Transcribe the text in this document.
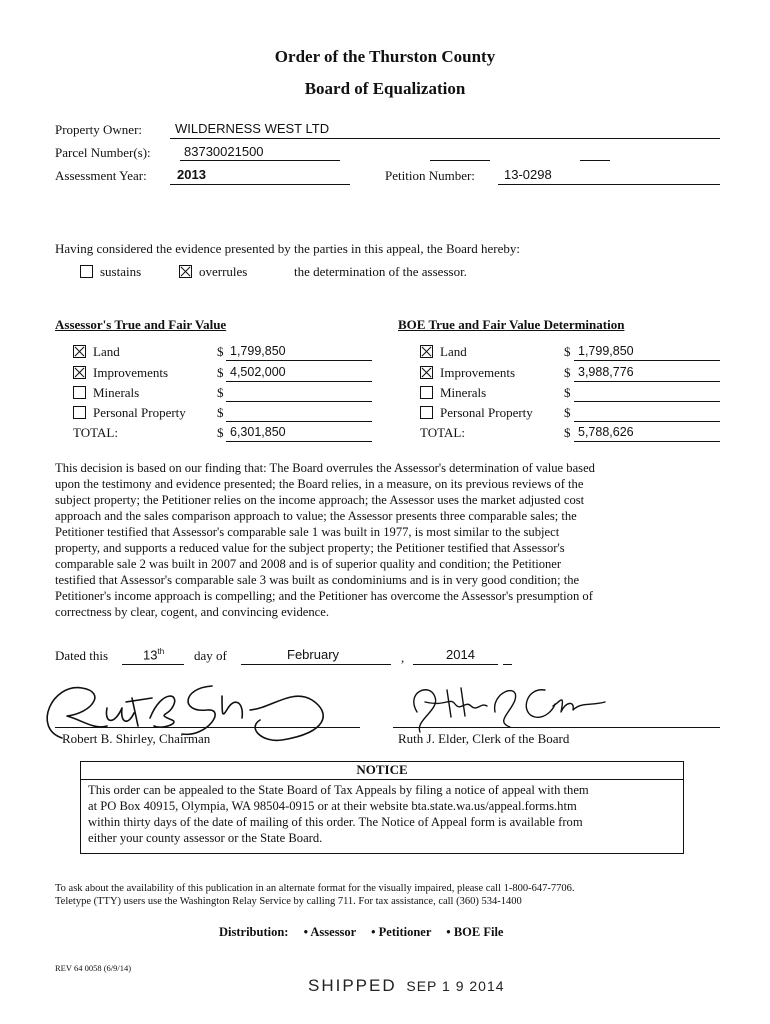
Order of the Thurston County
Board of Equalization
Property Owner:	WILDERNESS WEST LTD
Parcel Number(s):	83730021500
Assessment Year: 2013	Petition Number: 13-0298
Having considered the evidence presented by the parties in this appeal, the Board hereby:
sustains	overrules	the determination of the assessor.
Assessor's True and Fair Value
Land	$ 1,799,850
Improvements	$ 4,502,000
Minerals	$
Personal Property $
TOTAL:	$ 6,301,850
BOE True and Fair Value Determination
Land	$ 1,799,850
Improvements	$ 3,988,776
Minerals	$
Personal Property $
TOTAL:	$ 5,788,626
This decision is based on our finding that: The Board overrules the Assessor's determination of value based
upon the testimony and evidence presented; the Board relies, in a measure, on its previous reviews of the
subject property; the Petitioner relies on the income approach; the Assessor uses the market adjusted cost
approach and the sales comparison approach to value; the Assessor presents three comparable sales; the
Petitioner testified that Assessor's comparable sale 1 was built in 1977, is most similar to the subject
property, and supports a reduced value for the subject property; the Petitioner testified that Assessor's
comparable sale 2 was built in 2007 and 2008 and is of superior quality and condition; the Petitioner
testified that Assessor's comparable sale 3 was built as condominiums and is in very good condition; the
Petitioner's income approach is compelling; and the Petitioner has overcome the Assessor's presumption of
correctness by clear, cogent, and convincing evidence.
Dated this	13th day of	February	,	2014
Robert B. Shirley, Chairman	Ruth J. Elder, Clerk of the Board
NOTICE
This order can be appealed to the State Board of Tax Appeals by filing a notice of appeal with them
at PO Box 40915, Olympia, WA 98504-0915 or at their website bta.state.wa.us/appeal.forms.htm
within thirty days of the date of mailing of this order. The Notice of Appeal form is available from
either your county assessor or the State Board.
To ask about the availability of this publication in an alternate format for the visually impaired, please call 1-800-647-7706.
Teletype (TTY) users use the Washington Relay Service by calling 711. For tax assistance, call (360) 534-1400
Distribution: • Assessor • Petitioner • BOE File
REV 64 0058 (6/9/14)
SHIPPED SEP 1 9 2014
